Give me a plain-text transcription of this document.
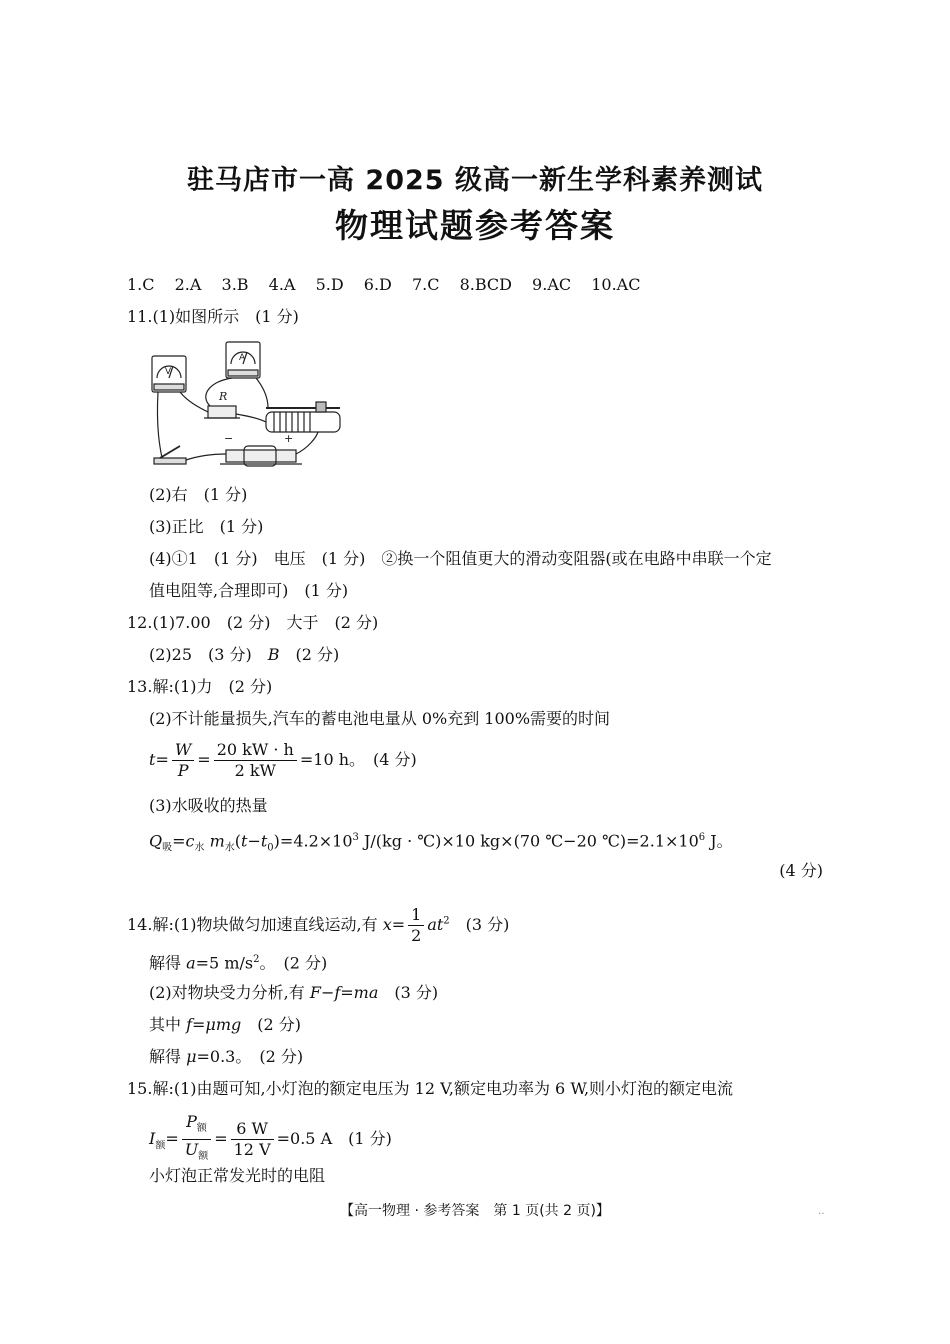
驻马店市一高 2025 级高一新生学科素养测试
物理试题参考答案
1.C 2.A 3.B 4.A 5.D 6.D 7.C 8.BCD 9.AC 10.AC
11.(1)如图所示　(1 分)
R
V
A
−	+
(2)右　(1 分)
(3)正比　(1 分)
(4)①1　(1 分)　电压　(1 分)　②换一个阻值更大的滑动变阻器(或在电路中串联一个定
值电阻等,合理即可)　(1 分)
12.(1)7.00　(2 分)　大于　(2 分)
(2)25　(3 分)　B　(2 分)
13.解:(1)力　(2 分)
(2)不计能量损失,汽车的蓄电池电量从 0%充到 100%需要的时间
$t= \frac{W}{P} = \frac{20 kW \cdot h}{2 kW} =10$ h。　(4 分)
(3)水吸收的热量
$Q_吸=c_水$ $m_水(t-t_0)=4.2\times 10^3$ J/(kg · ℃)×10 kg×(70 ℃−20 $℃)=2.1\times 10^6$ J。
(4 分)
14.解:(1)物块做匀加速直线运动,有 $x= \frac{1}{2} at^2$　(3 分)
解得 a=5 $m/s^2$。　(2 分)
(2)对物块受力分析,有 F−f=ma　(3 分)
其中 f=μmg　(2 分)
解得 μ=0.3。　(2 分)
15.解:(1)由题可知,小灯泡的额定电压为 12 V,额定电功率为 6 W,则小灯泡的额定电流
$I_额= \frac{P_额}{U_额} = \frac{6 W}{12 V} =0.5$ A　(1 分)
小灯泡正常发光时的电阻
【高一物理 · 参考答案　第 1 页(共 2 页)】	‥
